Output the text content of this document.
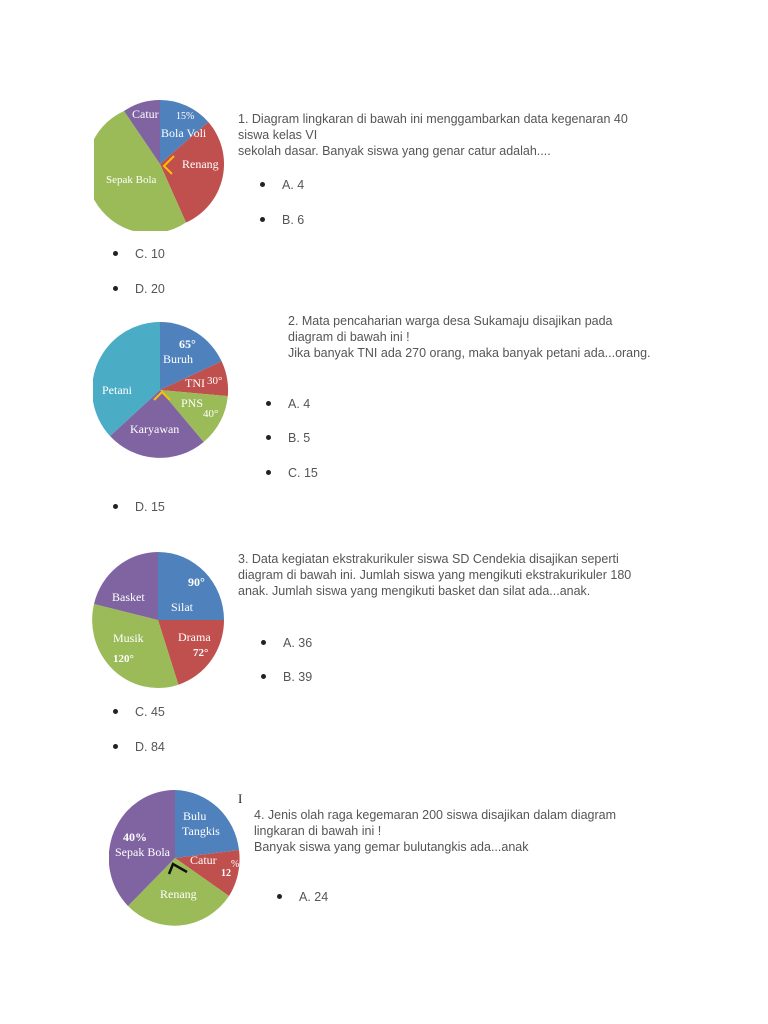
Catur 15%
Bola Voli
Renang
Sepak Bola
1. Diagram lingkaran di bawah ini menggambarkan data kegenaran 40
siswa kelas VI
sekolah dasar. Banyak siswa yang genar catur adalah....
A. 4
B. 6
C. 10
D. 20
65°
Buruh
TNI 30°
PNS
40°
Karyawan
Petani
2. Mata pencaharian warga desa Sukamaju disajikan pada
diagram di bawah ini !
Jika banyak TNI ada 270 orang, maka banyak petani ada...orang.
A. 4
B. 5
C. 15
D. 15
90°
Silat
Basket
Drama
72°
Musik
120°
3. Data kegiatan ekstrakurikuler siswa SD Cendekia disajikan seperti
diagram di bawah ini. Jumlah siswa yang mengikuti ekstrakurikuler 180
anak. Jumlah siswa yang mengikuti basket dan silat ada...anak.
A. 36
B. 39
C. 45
D. 84
Bulu
Tangkis
Catur %
12
40%
Sepak Bola
Renang
I
4. Jenis olah raga kegemaran 200 siswa disajikan dalam diagram
lingkaran di bawah ini !
Banyak siswa yang gemar bulutangkis ada...anak
A. 24
